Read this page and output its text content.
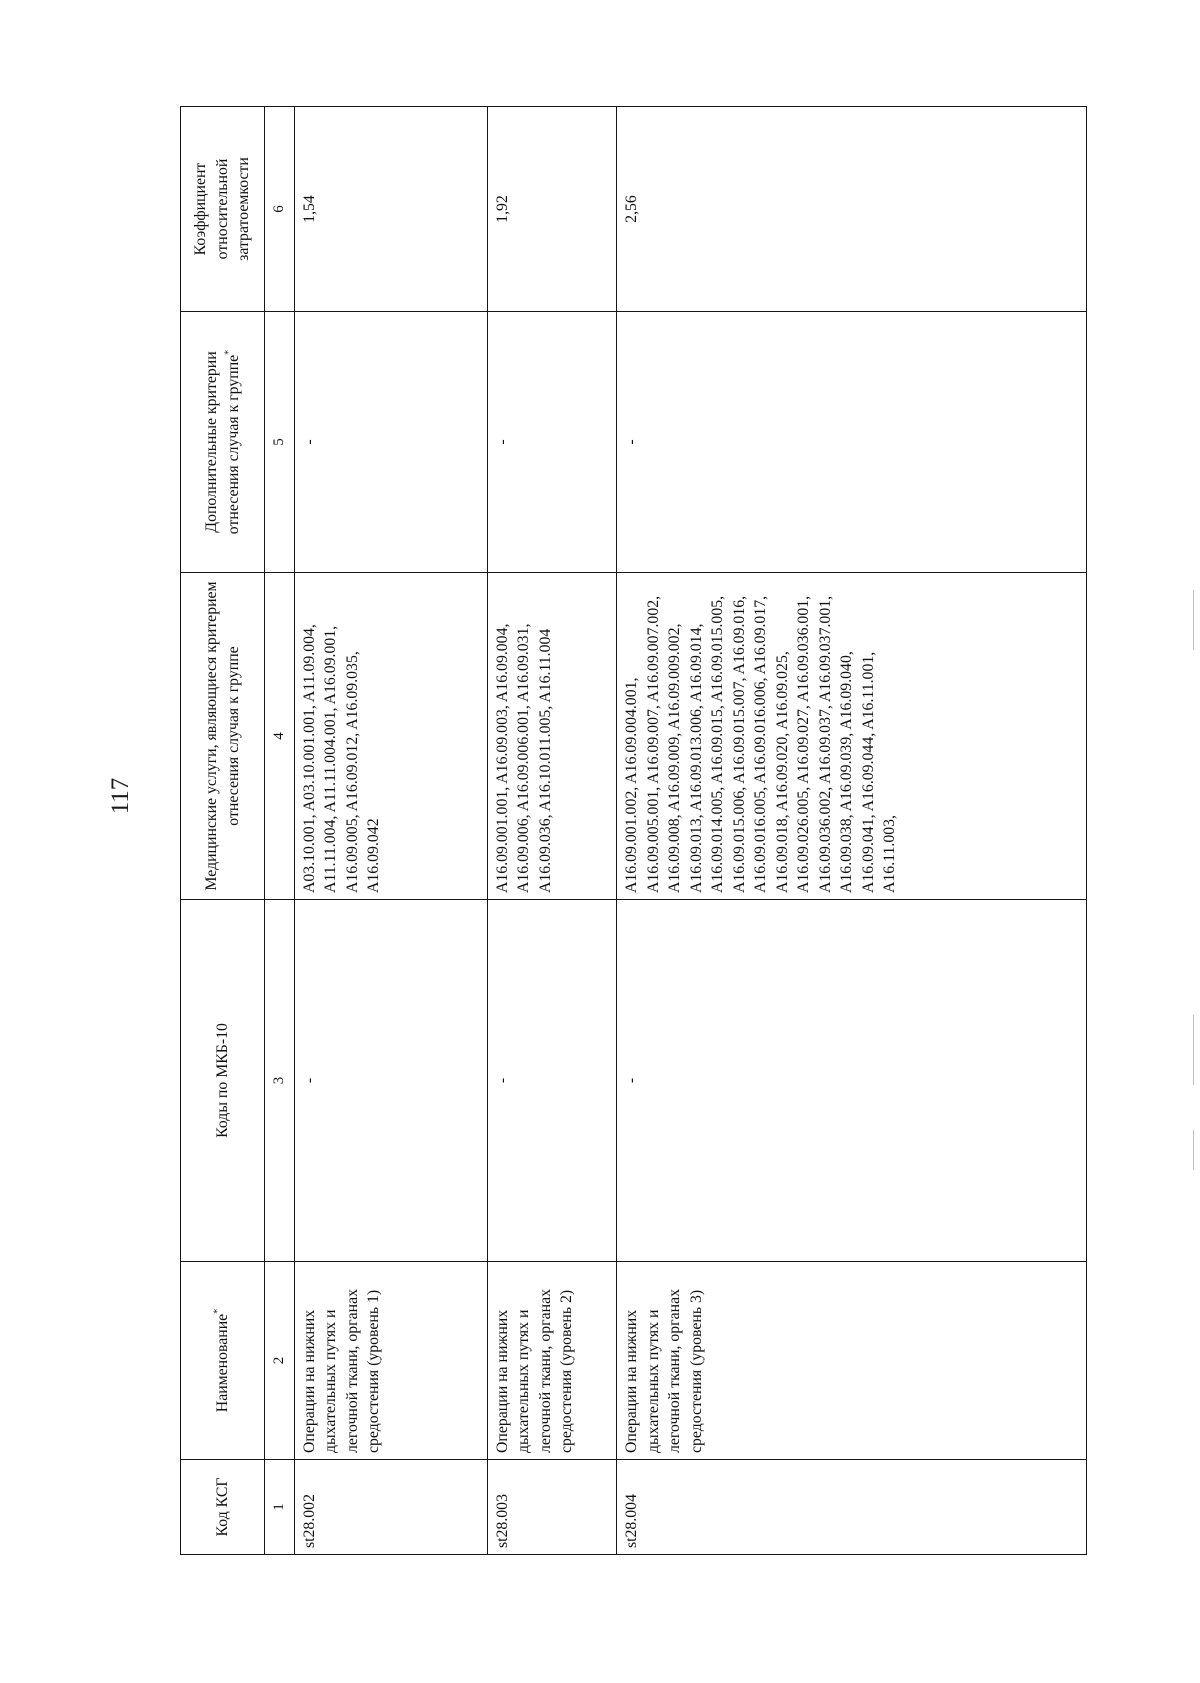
117
Код КСГ	Наименование*	Коды по МКБ-10	Медицинские услуги, являющиеся критерием отнесения случая к группе	Дополнительные критерии отнесения случая к группе*	Коэффициент относительной затратоемкости
1	2	3	4	5	6
st28.002	Операции на нижних дыхательных путях и легочной ткани, органах средостения (уровень 1)	-	A03.10.001, A03.10.001.001, A11.09.004, A11.11.004, A11.11.004.001, A16.09.001, A16.09.005, A16.09.012, A16.09.035, A16.09.042	-	1,54
st28.003	Операции на нижних дыхательных путях и легочной ткани, органах средостения (уровень 2)	-	A16.09.001.001, A16.09.003, A16.09.004, A16.09.006, A16.09.006.001, A16.09.031, A16.09.036, A16.10.011.005, A16.11.004	-	1,92
st28.004	Операции на нижних дыхательных путях и легочной ткани, органах средостения (уровень 3)	-	A16.09.001.002, A16.09.004.001, A16.09.005.001, A16.09.007, A16.09.007.002, A16.09.008, A16.09.009, A16.09.009.002, A16.09.013, A16.09.013.006, A16.09.014, A16.09.014.005, A16.09.015, A16.09.015.005, A16.09.015.006, A16.09.015.007, A16.09.016, A16.09.016.005, A16.09.016.006, A16.09.017, A16.09.018, A16.09.020, A16.09.025, A16.09.026.005, A16.09.027, A16.09.036.001, A16.09.036.002, A16.09.037, A16.09.037.001, A16.09.038, A16.09.039, A16.09.040, A16.09.041, A16.09.044, A16.11.001, A16.11.003,	-	2,56
